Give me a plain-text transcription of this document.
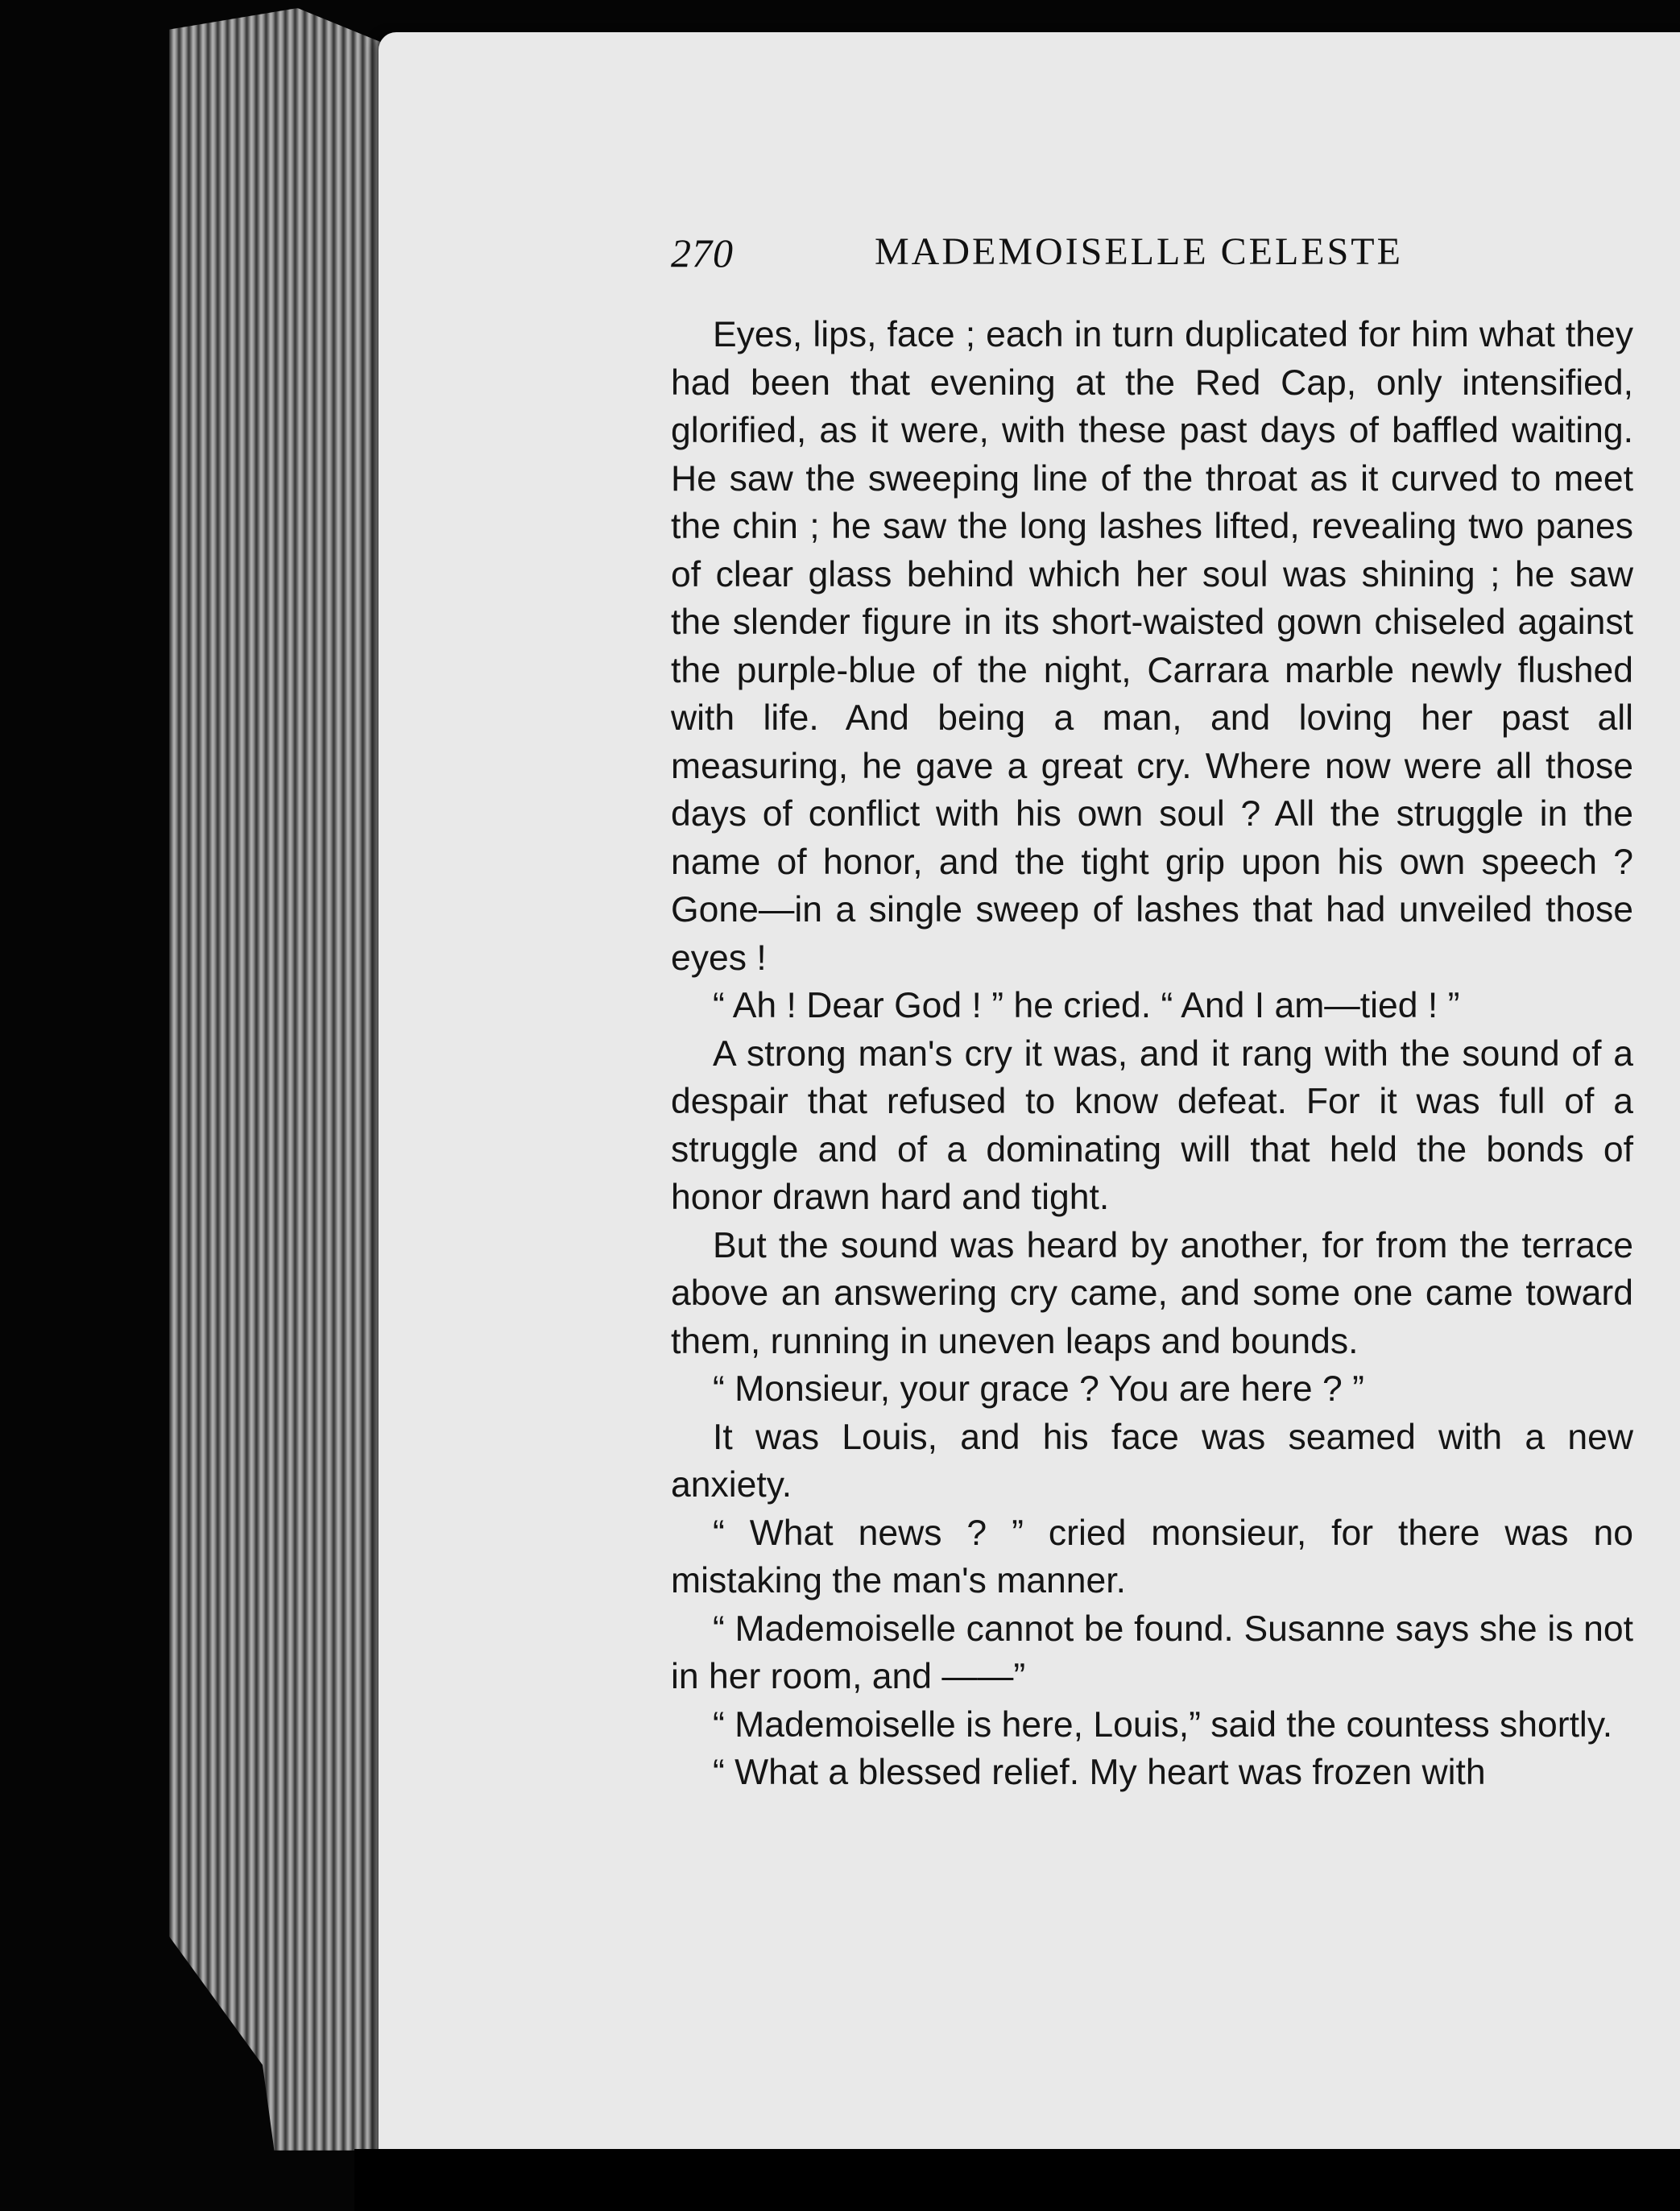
270	MADEMOISELLE CELESTE

Eyes, lips, face ; each in turn duplicated for him what they had been that evening at the Red Cap, only intensified, glorified, as it were, with these past days of baffled waiting. He saw the sweeping line of the throat as it curved to meet the chin ; he saw the long lashes lifted, revealing two panes of clear glass behind which her soul was shining ; he saw the slender figure in its short-waisted gown chiseled against the purple-blue of the night, Carrara marble newly flushed with life. And being a man, and loving her past all measuring, he gave a great cry. Where now were all those days of conflict with his own soul ? All the struggle in the name of honor, and the tight grip upon his own speech ? Gone—in a single sweep of lashes that had unveiled those eyes !

“ Ah ! Dear God ! ” he cried. “ And I am—tied ! ”

A strong man's cry it was, and it rang with the sound of a despair that refused to know defeat. For it was full of a struggle and of a dominating will that held the bonds of honor drawn hard and tight.

But the sound was heard by another, for from the terrace above an answering cry came, and some one came toward them, running in uneven leaps and bounds.

“ Monsieur, your grace ? You are here ? ”

It was Louis, and his face was seamed with a new anxiety.

“ What news ? ” cried monsieur, for there was no mistaking the man's manner.

“ Mademoiselle cannot be found. Susanne says she is not in her room, and ——”

“ Mademoiselle is here, Louis,” said the countess shortly.

“ What a blessed relief. My heart was frozen with
